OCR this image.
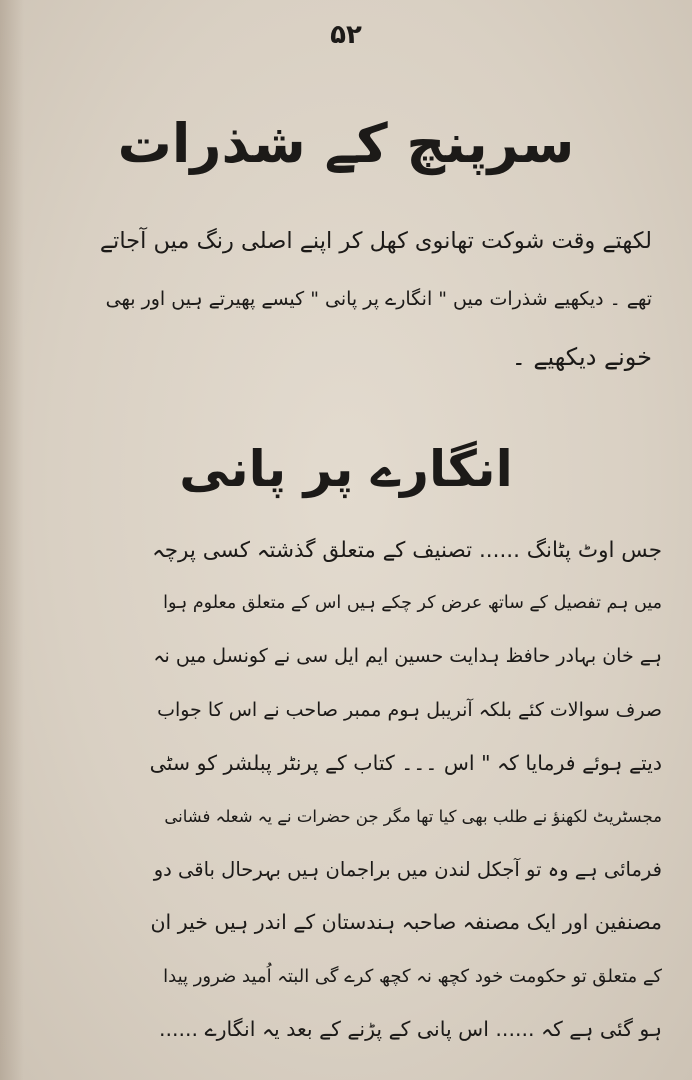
۵۲
سرپنچ کے شذرات
لکھتے وقت شوکت تھانوی کھل کر اپنے اصلی رنگ میں آجاتے
تھے ۔ دیکھیے شذرات میں " انگارے پر پانی " کیسے پھیرتے ہیں اور بھی
خونے دیکھیے ۔
انگارے پر پانی
جس اوٹ پٹانگ ...... تصنیف کے متعلق گذشتہ کسی پرچہ
میں ہم تفصیل کے ساتھ عرض کر چکے ہیں اس کے متعلق معلوم ہوا
ہے خان بہادر حافظ ہدایت حسین ایم ایل سی نے کونسل میں نہ
صرف سوالات کئے بلکہ آنریبل ہوم ممبر صاحب نے اس کا جواب
دیتے ہوئے فرمایا کہ " اس ۔۔۔ کتاب کے پرنٹر پبلشر کو سٹی
مجسٹریٹ لکھنؤ نے طلب بھی کیا تھا مگر جن حضرات نے یہ شعلہ فشانی
فرمائی ہے وہ تو آجکل لندن میں براجمان ہیں بہرحال باقی دو
مصنفین اور ایک مصنفہ صاحبہ ہندستان کے اندر ہیں خیر ان
کے متعلق تو حکومت خود کچھ نہ کچھ کرے گی البتہ اُمید ضرور پیدا
ہو گئی ہے کہ ...... اس پانی کے پڑنے کے بعد یہ انگارے ......
